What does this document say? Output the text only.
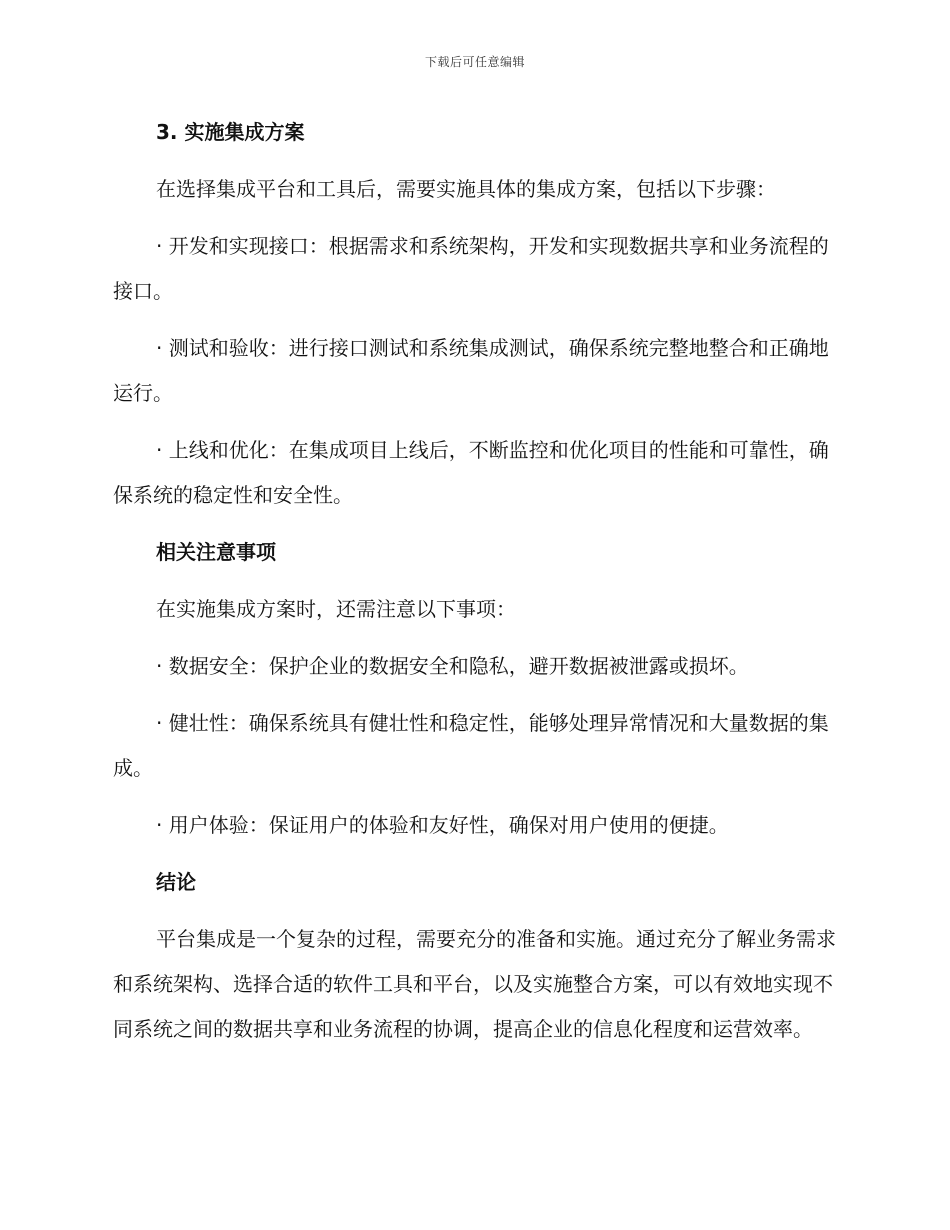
下载后可任意编辑
3. 实施集成方案
在选择集成平台和工具后，需要实施具体的集成方案，包括以下步骤：
· 开发和实现接口：根据需求和系统架构，开发和实现数据共享和业务流程的接口。
· 测试和验收：进行接口测试和系统集成测试，确保系统完整地整合和正确地运行。
· 上线和优化：在集成项目上线后，不断监控和优化项目的性能和可靠性，确保系统的稳定性和安全性。
相关注意事项
在实施集成方案时，还需注意以下事项：
· 数据安全：保护企业的数据安全和隐私，避开数据被泄露或损坏。
· 健壮性：确保系统具有健壮性和稳定性，能够处理异常情况和大量数据的集成。
· 用户体验：保证用户的体验和友好性，确保对用户使用的便捷。
结论
平台集成是一个复杂的过程，需要充分的准备和实施。通过充分了解业务需求和系统架构、选择合适的软件工具和平台，以及实施整合方案，可以有效地实现不同系统之间的数据共享和业务流程的协调，提高企业的信息化程度和运营效率。
